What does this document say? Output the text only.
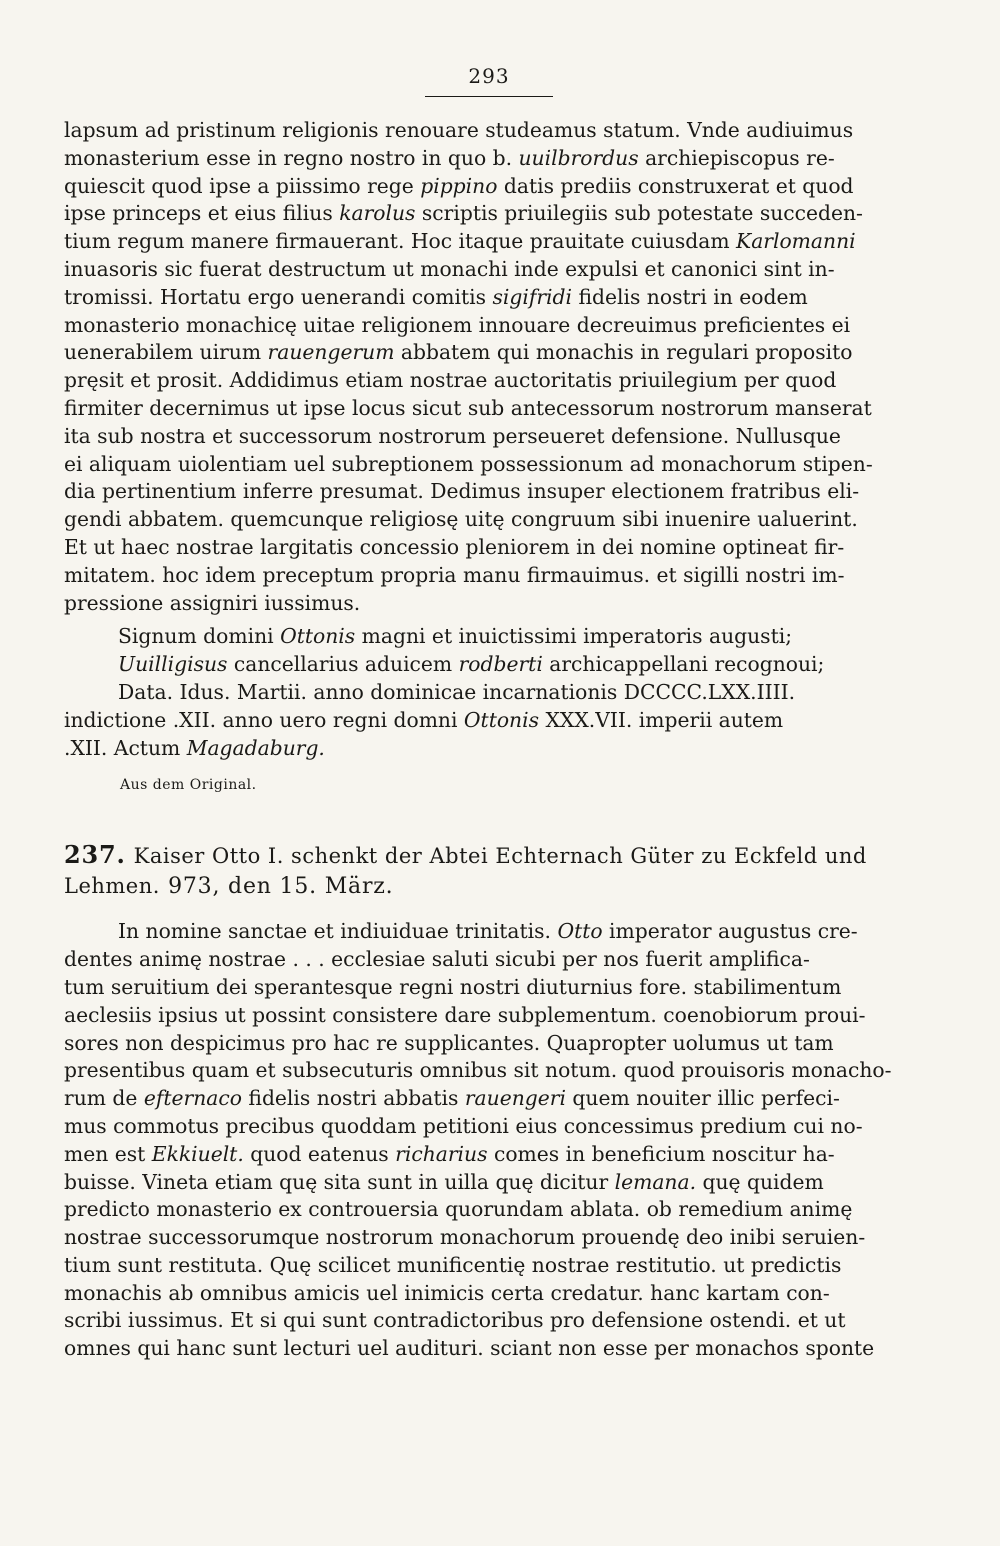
293

lapsum ad pristinum religionis renouare studeamus statum. Vnde audiuimus

monasterium esse in regno nostro in quo b. uuilbrordus archiepiscopus re-

quiescit quod ipse a piissimo rege pippino datis prediis construxerat et quod

ipse princeps et eius filius karolus scriptis priuilegiis sub potestate succeden-

tium regum manere firmauerant. Hoc itaque prauitate cuiusdam Karlomanni

inuasoris sic fuerat destructum ut monachi inde expulsi et canonici sint in-

tromissi. Hortatu ergo uenerandi comitis sigifridi fidelis nostri in eodem

monasterio monachicę uitae religionem innouare decreuimus preficientes ei

uenerabilem uirum rauengerum abbatem qui monachis in regulari proposito

pręsit et prosit. Addidimus etiam nostrae auctoritatis priuilegium per quod

firmiter decernimus ut ipse locus sicut sub antecessorum nostrorum manserat

ita sub nostra et successorum nostrorum perseueret defensione. Nullusque

ei aliquam uiolentiam uel subreptionem possessionum ad monachorum stipen-

dia pertinentium inferre presumat. Dedimus insuper electionem fratribus eli-

gendi abbatem. quemcunque religiosę uitę congruum sibi inuenire ualuerint.

Et ut haec nostrae largitatis concessio pleniorem in dei nomine optineat fir-

mitatem. hoc idem preceptum propria manu firmauimus. et sigilli nostri im-

pressione assigniri iussimus.

Signum domini Ottonis magni et inuictissimi imperatoris augusti;

Uuilligisus cancellarius aduicem rodberti archicappellani recognoui;

Data. Idus. Martii. anno dominicae incarnationis DCCCC.LXX.IIII.

indictione .XII. anno uero regni domni Ottonis XXX.VII. imperii autem

.XII. Actum Magadaburg.

Aus dem Original.
237. Kaiser Otto I. schenkt der Abtei Echternach Güter zu Eckfeld und
Lehmen. 973, den 15. März.

In nomine sanctae et indiuiduae trinitatis. Otto imperator augustus cre-

dentes animę nostrae . . . ecclesiae saluti sicubi per nos fuerit amplifica-

tum seruitium dei sperantesque regni nostri diuturnius fore. stabilimentum

aeclesiis ipsius ut possint consistere dare subplementum. coenobiorum proui-

sores non despicimus pro hac re supplicantes. Quapropter uolumus ut tam

presentibus quam et subsecuturis omnibus sit notum. quod prouisoris monacho-

rum de efternaco fidelis nostri abbatis rauengeri quem nouiter illic perfeci-

mus commotus precibus quoddam petitioni eius concessimus predium cui no-

men est Ekkiuelt. quod eatenus richarius comes in beneficium noscitur ha-

buisse. Vineta etiam quę sita sunt in uilla quę dicitur lemana. quę quidem

predicto monasterio ex controuersia quorundam ablata. ob remedium animę

nostrae successorumque nostrorum monachorum prouendę deo inibi seruien-

tium sunt restituta. Quę scilicet munificentię nostrae restitutio. ut predictis

monachis ab omnibus amicis uel inimicis certa credatur. hanc kartam con-

scribi iussimus. Et si qui sunt contradictoribus pro defensione ostendi. et ut

omnes qui hanc sunt lecturi uel audituri. sciant non esse per monachos sponte
